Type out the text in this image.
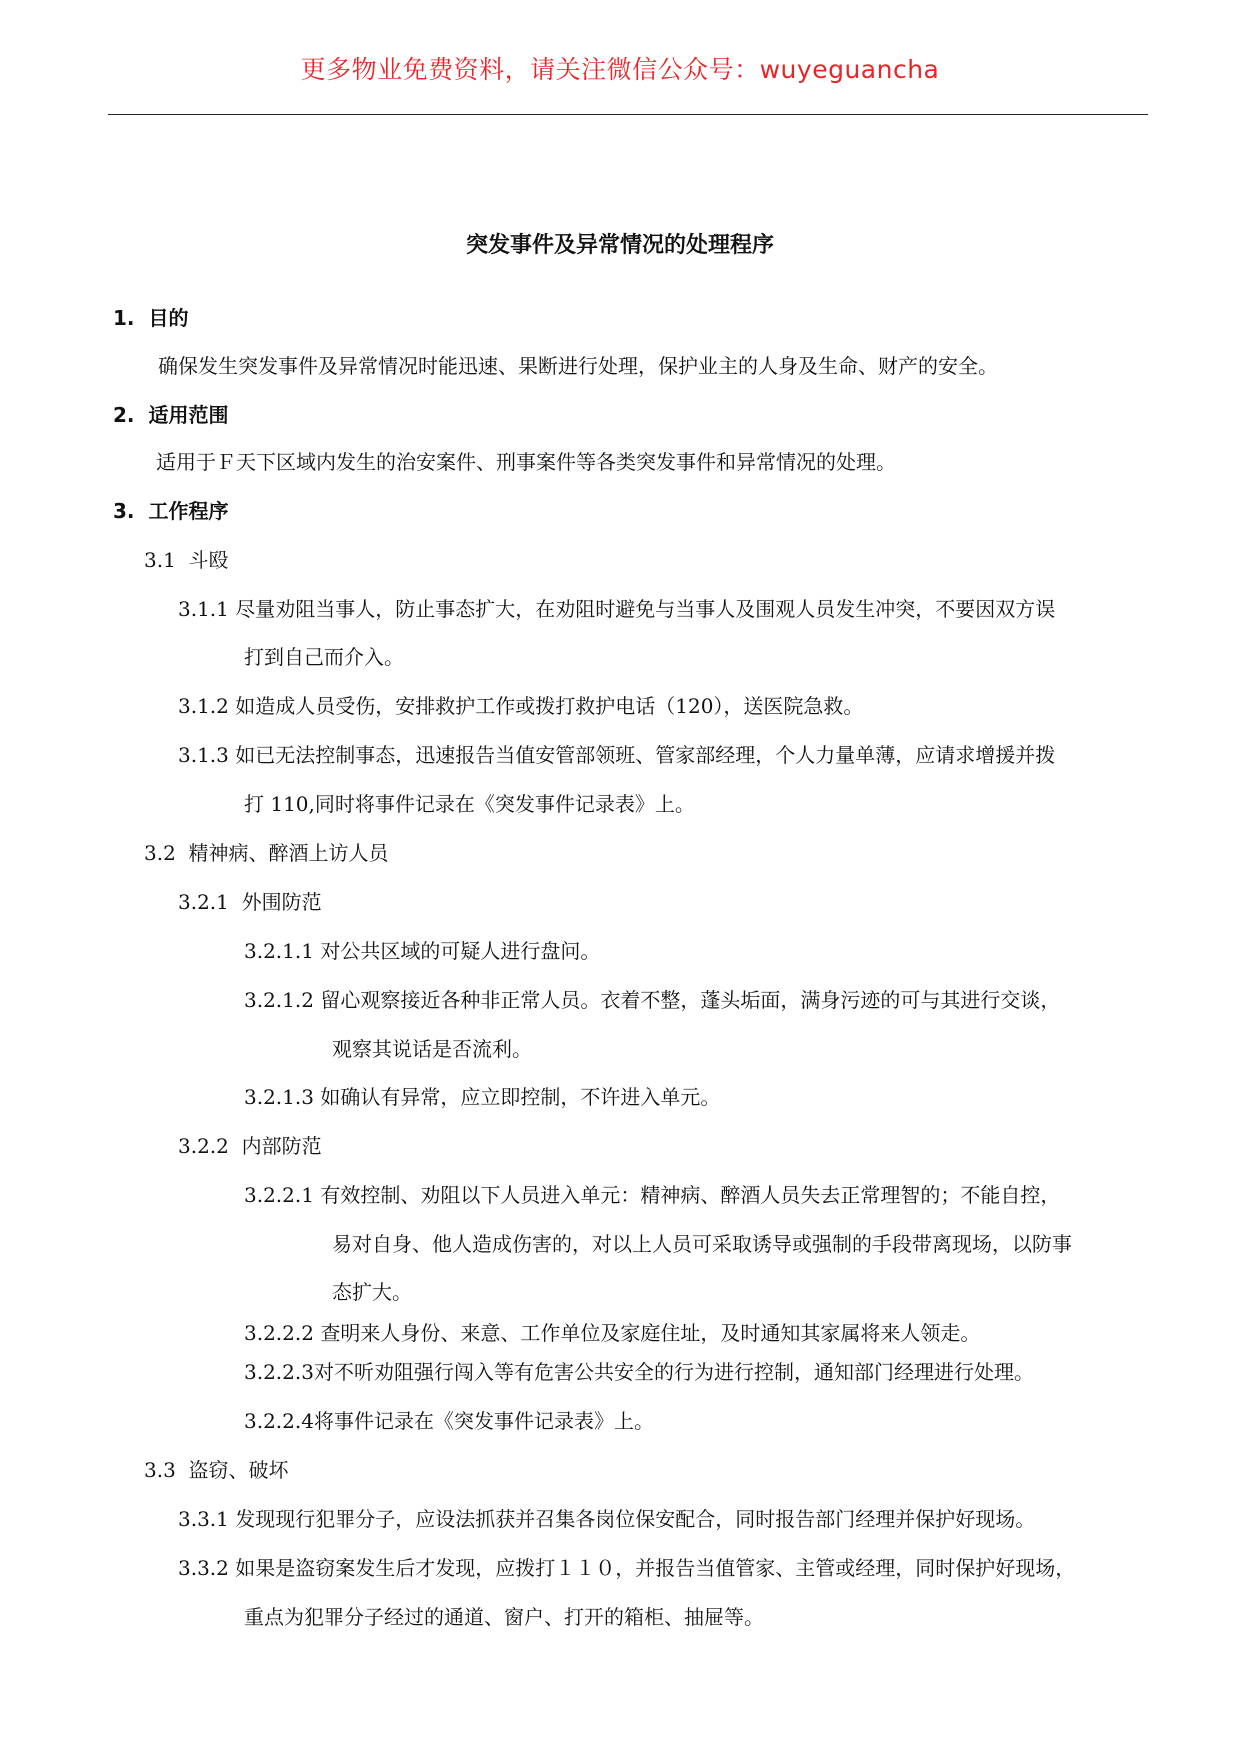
更多物业免费资料，请关注微信公众号：wuyeguancha
突发事件及异常情况的处理程序
1. 目的
确保发生突发事件及异常情况时能迅速、果断进行处理，保护业主的人身及生命、财产的安全。
2. 适用范围
适用于Ｆ天下区域内发生的治安案件、刑事案件等各类突发事件和异常情况的处理。
3. 工作程序
3.1 斗殴
3.1.1 尽量劝阻当事人，防止事态扩大，在劝阻时避免与当事人及围观人员发生冲突，不要因双方误
打到自己而介入。
3.1.2 如造成人员受伤，安排救护工作或拨打救护电话（120），送医院急救。
3.1.3 如已无法控制事态，迅速报告当值安管部领班、管家部经理，个人力量单薄，应请求增援并拨
打 110,同时将事件记录在《突发事件记录表》上。
3.2 精神病、醉酒上访人员
3.2.1 外围防范
3.2.1.1 对公共区域的可疑人进行盘问。
3.2.1.2 留心观察接近各种非正常人员。衣着不整，蓬头垢面，满身污迹的可与其进行交谈，
观察其说话是否流利。
3.2.1.3 如确认有异常，应立即控制，不许进入单元。
3.2.2 内部防范
3.2.2.1 有效控制、劝阻以下人员进入单元：精神病、醉酒人员失去正常理智的；不能自控，
易对自身、他人造成伤害的，对以上人员可采取诱导或强制的手段带离现场，以防事
态扩大。
3.2.2.2 查明来人身份、来意、工作单位及家庭住址，及时通知其家属将来人领走。
3.2.2.3对不听劝阻强行闯入等有危害公共安全的行为进行控制，通知部门经理进行处理。
3.2.2.4将事件记录在《突发事件记录表》上。
3.3 盗窃、破坏
3.3.1 发现现行犯罪分子，应设法抓获并召集各岗位保安配合，同时报告部门经理并保护好现场。
3.3.2 如果是盗窃案发生后才发现，应拨打１１０，并报告当值管家、主管或经理，同时保护好现场，
重点为犯罪分子经过的通道、窗户、打开的箱柜、抽屉等。
